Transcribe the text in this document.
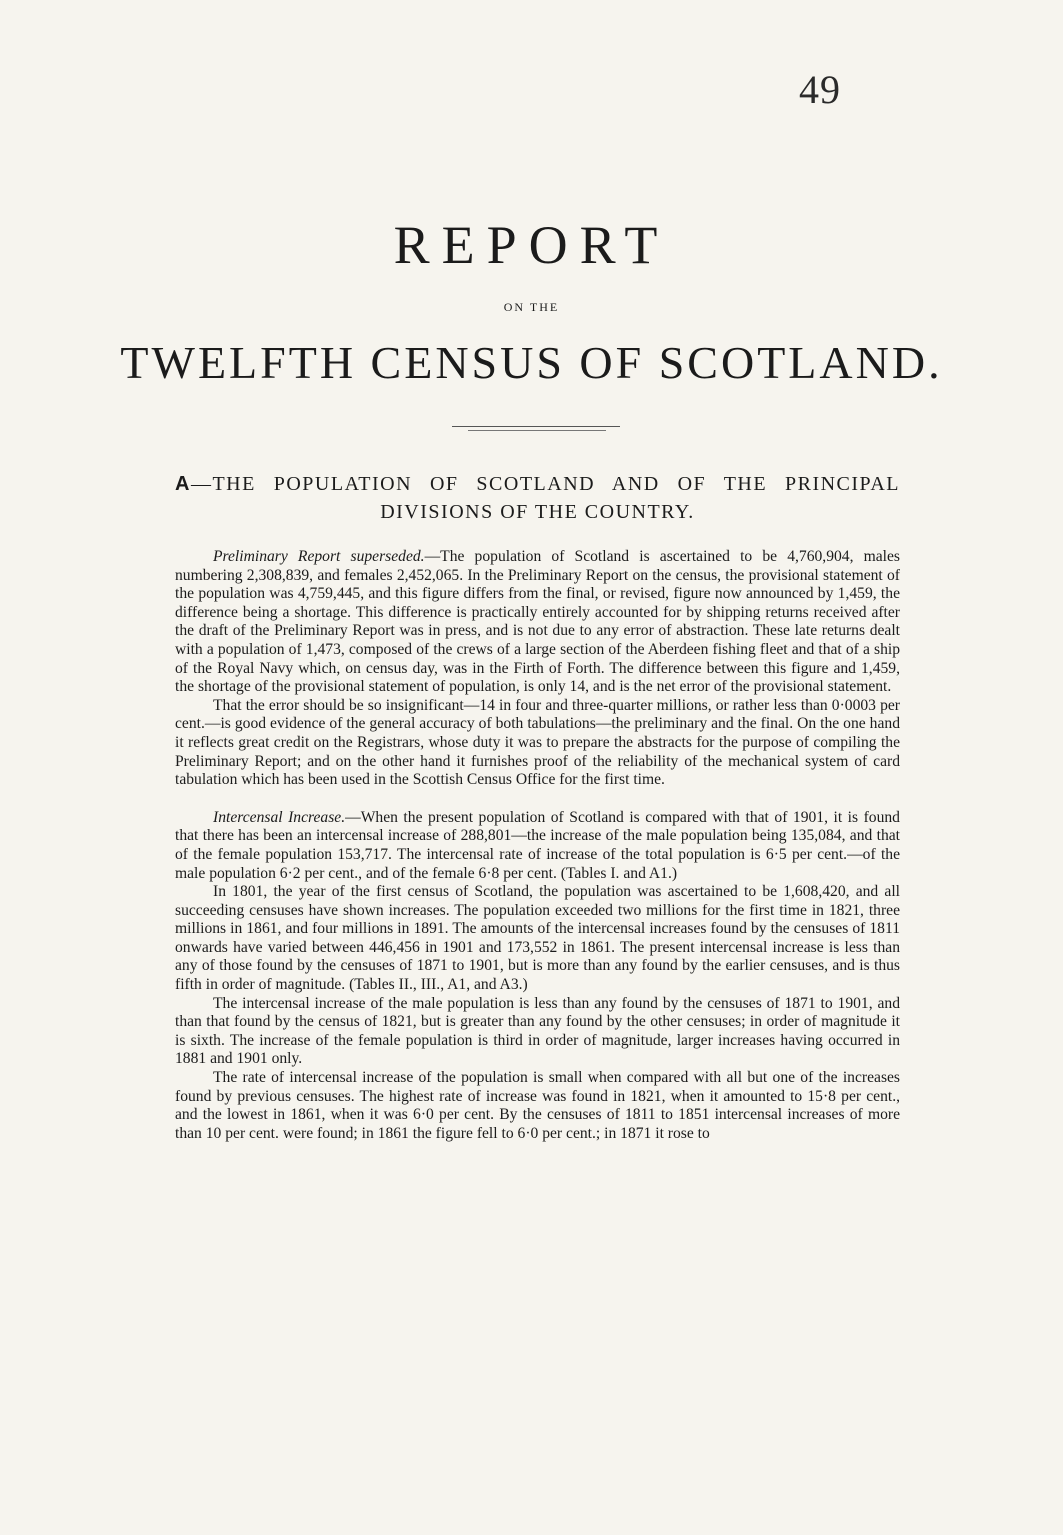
49
REPORT
ON THE
TWELFTH CENSUS OF SCOTLAND.
A—THE POPULATION OF SCOTLAND AND OF THE PRINCIPAL
DIVISIONS OF THE COUNTRY.

Preliminary Report superseded.—The population of Scotland is ascertained to be 4,760,904, males numbering 2,308,839, and females 2,452,065. In the Preliminary Report on the census, the provisional statement of the population was 4,759,445, and this figure differs from the final, or revised, figure now announced by 1,459, the difference being a shortage. This difference is practically entirely accounted for by shipping returns received after the draft of the Preliminary Report was in press, and is not due to any error of abstraction. These late returns dealt with a population of 1,473, composed of the crews of a large section of the Aberdeen fishing fleet and that of a ship of the Royal Navy which, on census day, was in the Firth of Forth. The difference between this figure and 1,459, the shortage of the provisional statement of population, is only 14, and is the net error of the provisional statement.

That the error should be so insignificant—14 in four and three-quarter millions, or rather less than 0·0003 per cent.—is good evidence of the general accuracy of both tabulations—the preliminary and the final. On the one hand it reflects great credit on the Registrars, whose duty it was to prepare the abstracts for the purpose of compiling the Preliminary Report; and on the other hand it furnishes proof of the reliability of the mechanical system of card tabulation which has been used in the Scottish Census Office for the first time.

Intercensal Increase.—When the present population of Scotland is compared with that of 1901, it is found that there has been an intercensal increase of 288,801—the increase of the male population being 135,084, and that of the female population 153,717. The intercensal rate of increase of the total population is 6·5 per cent.—of the male population 6·2 per cent., and of the female 6·8 per cent. (Tables I. and A1.)

In 1801, the year of the first census of Scotland, the population was ascertained to be 1,608,420, and all succeeding censuses have shown increases. The population exceeded two millions for the first time in 1821, three millions in 1861, and four millions in 1891. The amounts of the intercensal increases found by the censuses of 1811 onwards have varied between 446,456 in 1901 and 173,552 in 1861. The present intercensal increase is less than any of those found by the censuses of 1871 to 1901, but is more than any found by the earlier censuses, and is thus fifth in order of magnitude. (Tables II., III., A1, and A3.)

The intercensal increase of the male population is less than any found by the censuses of 1871 to 1901, and than that found by the census of 1821, but is greater than any found by the other censuses; in order of magnitude it is sixth. The increase of the female population is third in order of magnitude, larger increases having occurred in 1881 and 1901 only.

The rate of intercensal increase of the population is small when compared with all but one of the increases found by previous censuses. The highest rate of increase was found in 1821, when it amounted to 15·8 per cent., and the lowest in 1861, when it was 6·0 per cent. By the censuses of 1811 to 1851 intercensal increases of more than 10 per cent. were found; in 1861 the figure fell to 6·0 per cent.; in 1871 it rose to
